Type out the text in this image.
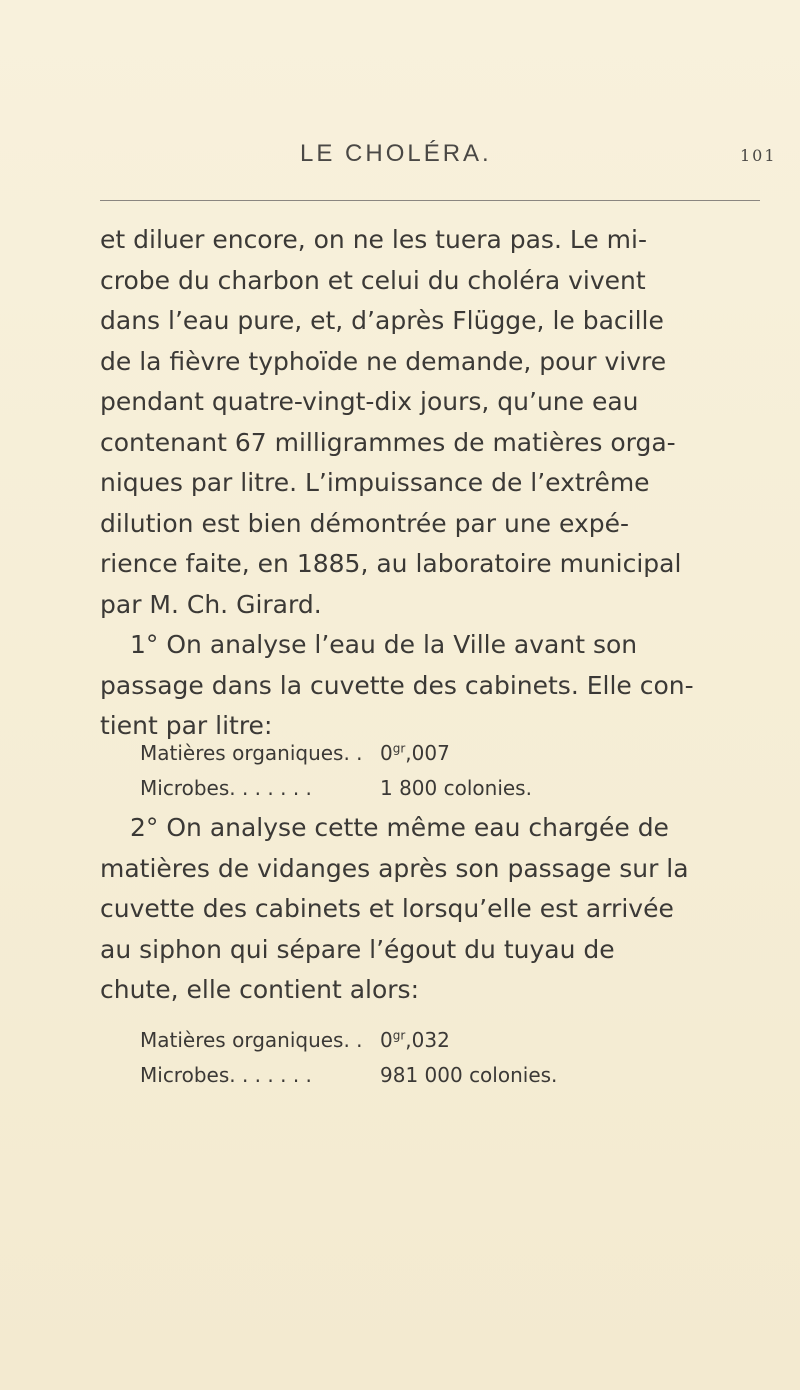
LE CHOLÉRA.	101
et diluer encore, on ne les tuera pas. Le mi-
crobe du charbon et celui du choléra vivent
dans l’eau pure, et, d’après Flügge, le bacille
de la fièvre typhoïde ne demande, pour vivre
pendant quatre-vingt-dix jours, qu’une eau
contenant 67 milligrammes de matières orga-
niques par litre. L’impuissance de l’extrême
dilution est bien démontrée par une expé-
rience faite, en 1885, au laboratoire municipal
par M. Ch. Girard.
1° On analyse l’eau de la Ville avant son
passage dans la cuvette des cabinets. Elle con-
tient par litre:
Matières organiques. . $0^{gr},007$
Microbes. . . . . . .	1 800 colonies.
2° On analyse cette même eau chargée de
matières de vidanges après son passage sur la
cuvette des cabinets et lorsqu’elle est arrivée
au siphon qui sépare l’égout du tuyau de
chute, elle contient alors:
Matières organiques. . $0^{gr},032$
Microbes. . . . . . .	981 000 colonies.
